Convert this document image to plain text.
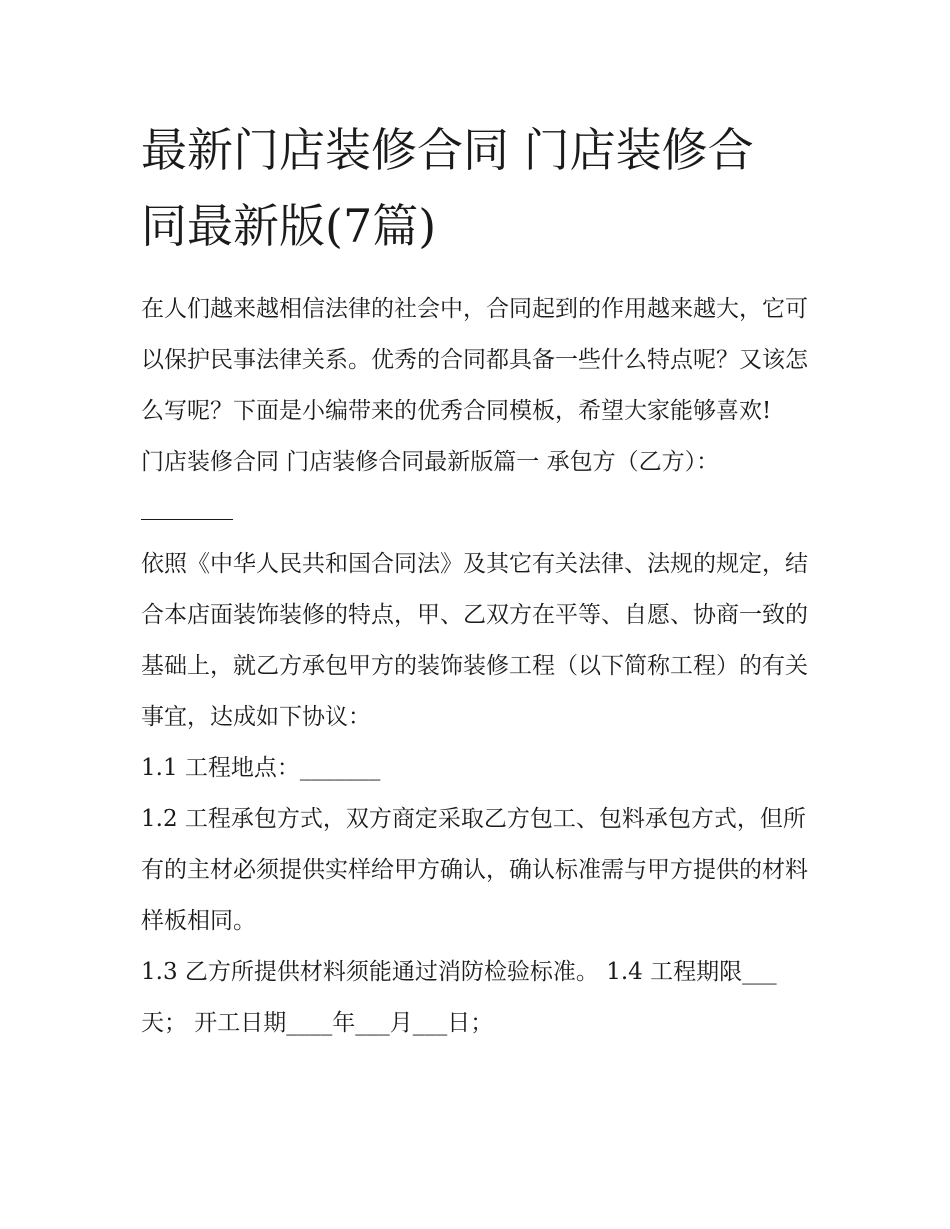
最新门店装修合同 门店装修合
同最新版(7篇)

在人们越来越相信法律的社会中，合同起到的作用越来越大，它可以保护民事法律关系。优秀的合同都具备一些什么特点呢？又该怎么写呢？下面是小编带来的优秀合同模板，希望大家能够喜欢!

门店装修合同 门店装修合同最新版篇一 承包方（乙方）：

依照《中华人民共和国合同法》及其它有关法律、法规的规定，结合本店面装饰装修的特点，甲、乙双方在平等、自愿、协商一致的基础上，就乙方承包甲方的装饰装修工程（以下简称工程）的有关事宜，达成如下协议：

1.1 工程地点：_______

1.2 工程承包方式，双方商定采取乙方包工、包料承包方式，但所有的主材必须提供实样给甲方确认，确认标准需与甲方提供的材料样板相同。

1.3 乙方所提供材料须能通过消防检验标准。 1.4 工程期限___天； 开工日期____年___月___日；
